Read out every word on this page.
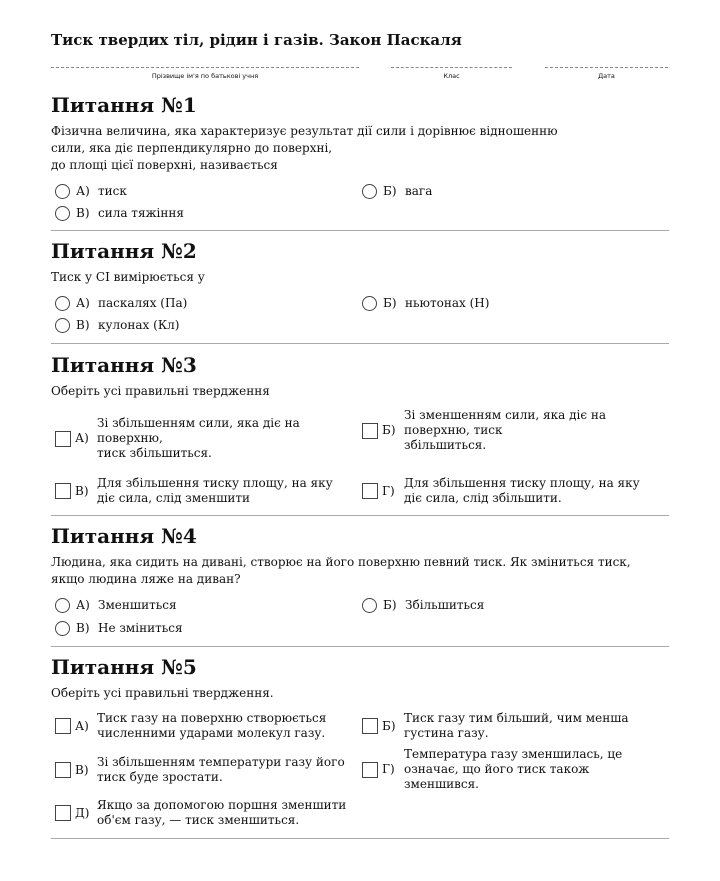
Тиск твердих тіл, рідин і газів. Закон Паскаля
Прізвище ім'я по батькові учня	Клас	Дата
Питання №1
Фізична величина, яка характеризує результат дії сили і дорівнює відношенню
сили, яка діє перпендикулярно до поверхні,
до площі цієї поверхні, називається
А) тиск	Б) вага
В) сила тяжіння
Питання №2
Тиск у СІ вимірюється у
А) паскалях (Па)	Б) ньютонах (Н)
В) кулонах (Кл)
Питання №3
Оберіть усі правильні твердження
А)
Зі збільшенням сили, яка діє на
поверхню,
тиск збільшиться.
Б)
Зі зменшенням сили, яка діє на
поверхню, тиск
збільшиться.
В)
Для збільшення тиску площу, на яку
діє сила, слід зменшити
Г)
Для збільшення тиску площу, на яку
діє сила, слід збільшити.
Питання №4
Людина, яка сидить на дивані, створює на його поверхню певний тиск. Як зміниться тиск,
якщо людина ляже на диван?
А) Зменшиться	Б) Збільшиться
В) Не зміниться
Питання №5
Оберіть усі правильні твердження.
А)
Тиск газу на поверхню створюється
численними ударами молекул газу.
Б)
Тиск газу тим більший, чим менша
густина газу.
В)
Зі збільшенням температури газу його
тиск буде зростати.
Г)
Температура газу зменшилась, це
означає, що його тиск також
зменшився.
Д)
Якщо за допомогою поршня зменшити
об'єм газу, — тиск зменшиться.
